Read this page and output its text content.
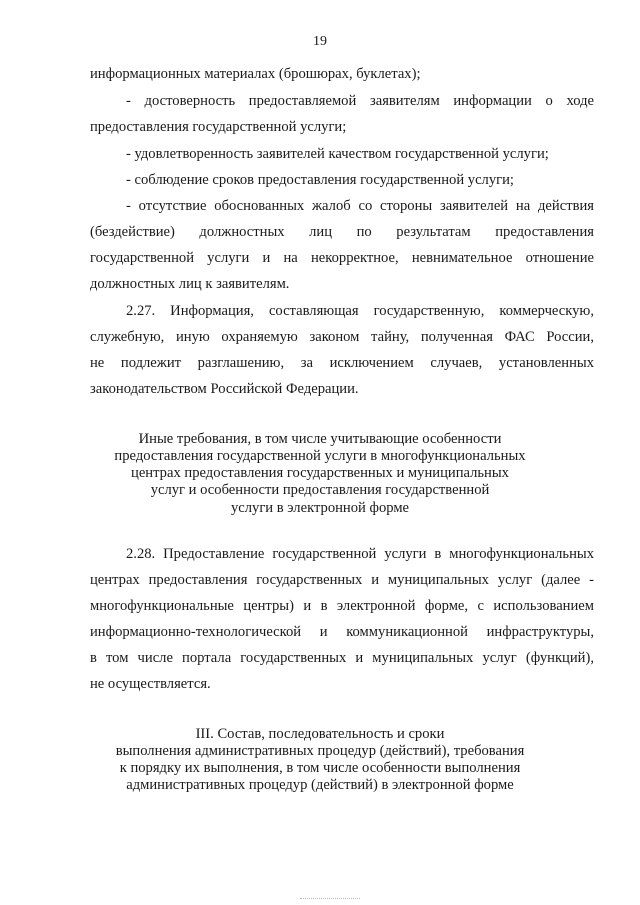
19
информационных материалах (брошюрах, буклетах);
- достоверность предоставляемой заявителям информации о ходе
предоставления государственной услуги;
- удовлетворенность заявителей качеством государственной услуги;
- соблюдение сроков предоставления государственной услуги;
- отсутствие обоснованных жалоб со стороны заявителей на действия
(бездействие) должностных лиц по результатам предоставления
государственной услуги и на некорректное, невнимательное отношение
должностных лиц к заявителям.
2.27. Информация, составляющая государственную, коммерческую,
служебную, иную охраняемую законом тайну, полученная ФАС России,
не подлежит разглашению, за исключением случаев, установленных
законодательством Российской Федерации.
Иные требования, в том числе учитывающие особенности
предоставления государственной услуги в многофункциональных
центрах предоставления государственных и муниципальных
услуг и особенности предоставления государственной
услуги в электронной форме
2.28. Предоставление государственной услуги в многофункциональных
центрах предоставления государственных и муниципальных услуг (далее -
многофункциональные центры) и в электронной форме, с использованием
информационно-технологической и коммуникационной инфраструктуры,
в том числе портала государственных и муниципальных услуг (функций),
не осуществляется.
III. Состав, последовательность и сроки
выполнения административных процедур (действий), требования
к порядку их выполнения, в том числе особенности выполнения
административных процедур (действий) в электронной форме
